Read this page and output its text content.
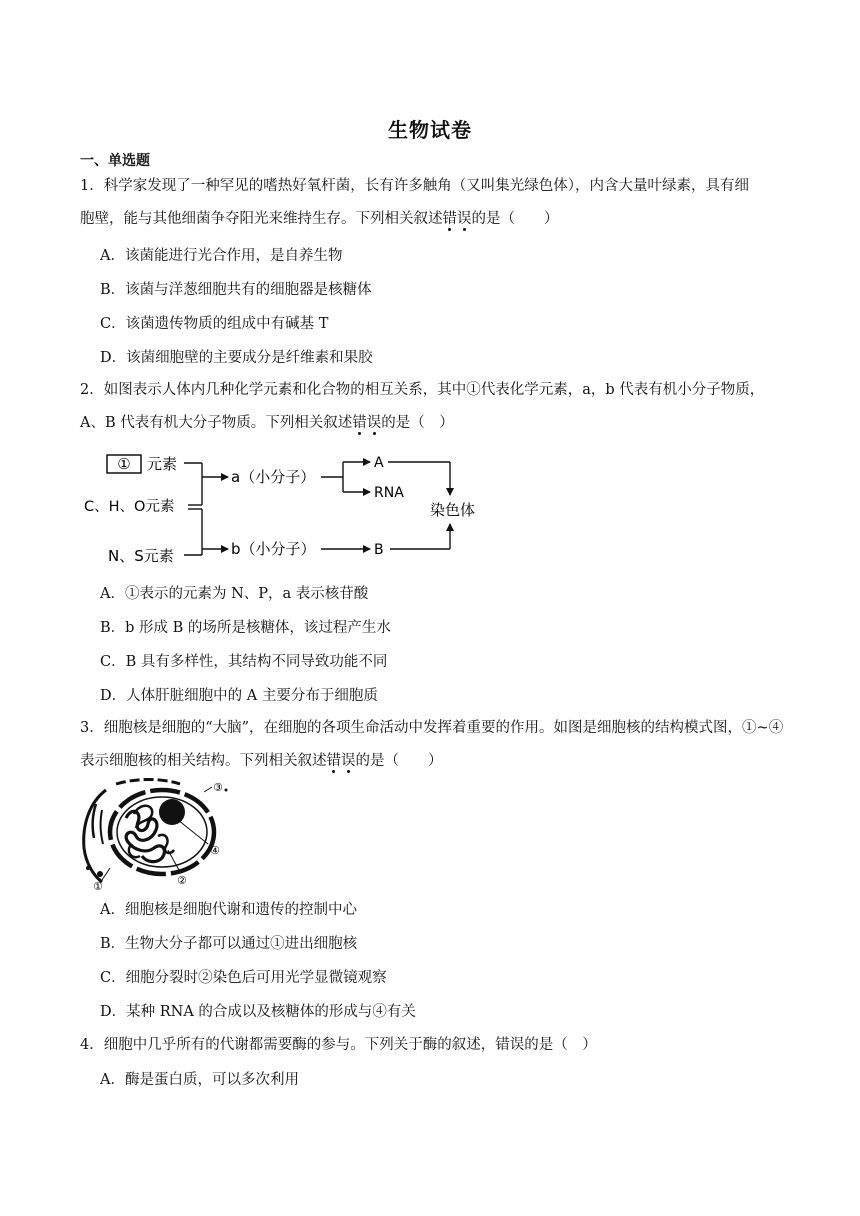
生物试卷
一、单选题
1．科学家发现了一种罕见的嗜热好氧杆菌，长有许多触角（又叫集光绿色体），内含大量叶绿素，具有细
胞壁，能与其他细菌争夺阳光来维持生存。下列相关叙述错误的是（　　）
A．该菌能进行光合作用，是自养生物
B．该菌与洋葱细胞共有的细胞器是核糖体
C．该菌遗传物质的组成中有碱基 T
D．该菌细胞壁的主要成分是纤维素和果胶
2．如图表示人体内几种化学元素和化合物的相互关系，其中①代表化学元素，a，b 代表有机小分子物质，
A、B 代表有机大分子物质。下列相关叙述错误的是（　）
① 元素
C、H、O元素
N、S元素
a（小分子）
b（小分子）
A
RNA
B
染色体
A．①表示的元素为 N、P，a 表示核苷酸
B．b 形成 B 的场所是核糖体，该过程产生水
C．B 具有多样性，其结构不同导致功能不同
D．人体肝脏细胞中的 A 主要分布于细胞质
3．细胞核是细胞的“大脑”，在细胞的各项生命活动中发挥着重要的作用。如图是细胞核的结构模式图，①~④
表示细胞核的相关结构。下列相关叙述错误的是（　　）
③
④
②
①
A．细胞核是细胞代谢和遗传的控制中心
B．生物大分子都可以通过①进出细胞核
C．细胞分裂时②染色后可用光学显微镜观察
D．某种 RNA 的合成以及核糖体的形成与④有关
4．细胞中几乎所有的代谢都需要酶的参与。下列关于酶的叙述，错误的是（　）
A．酶是蛋白质，可以多次利用
